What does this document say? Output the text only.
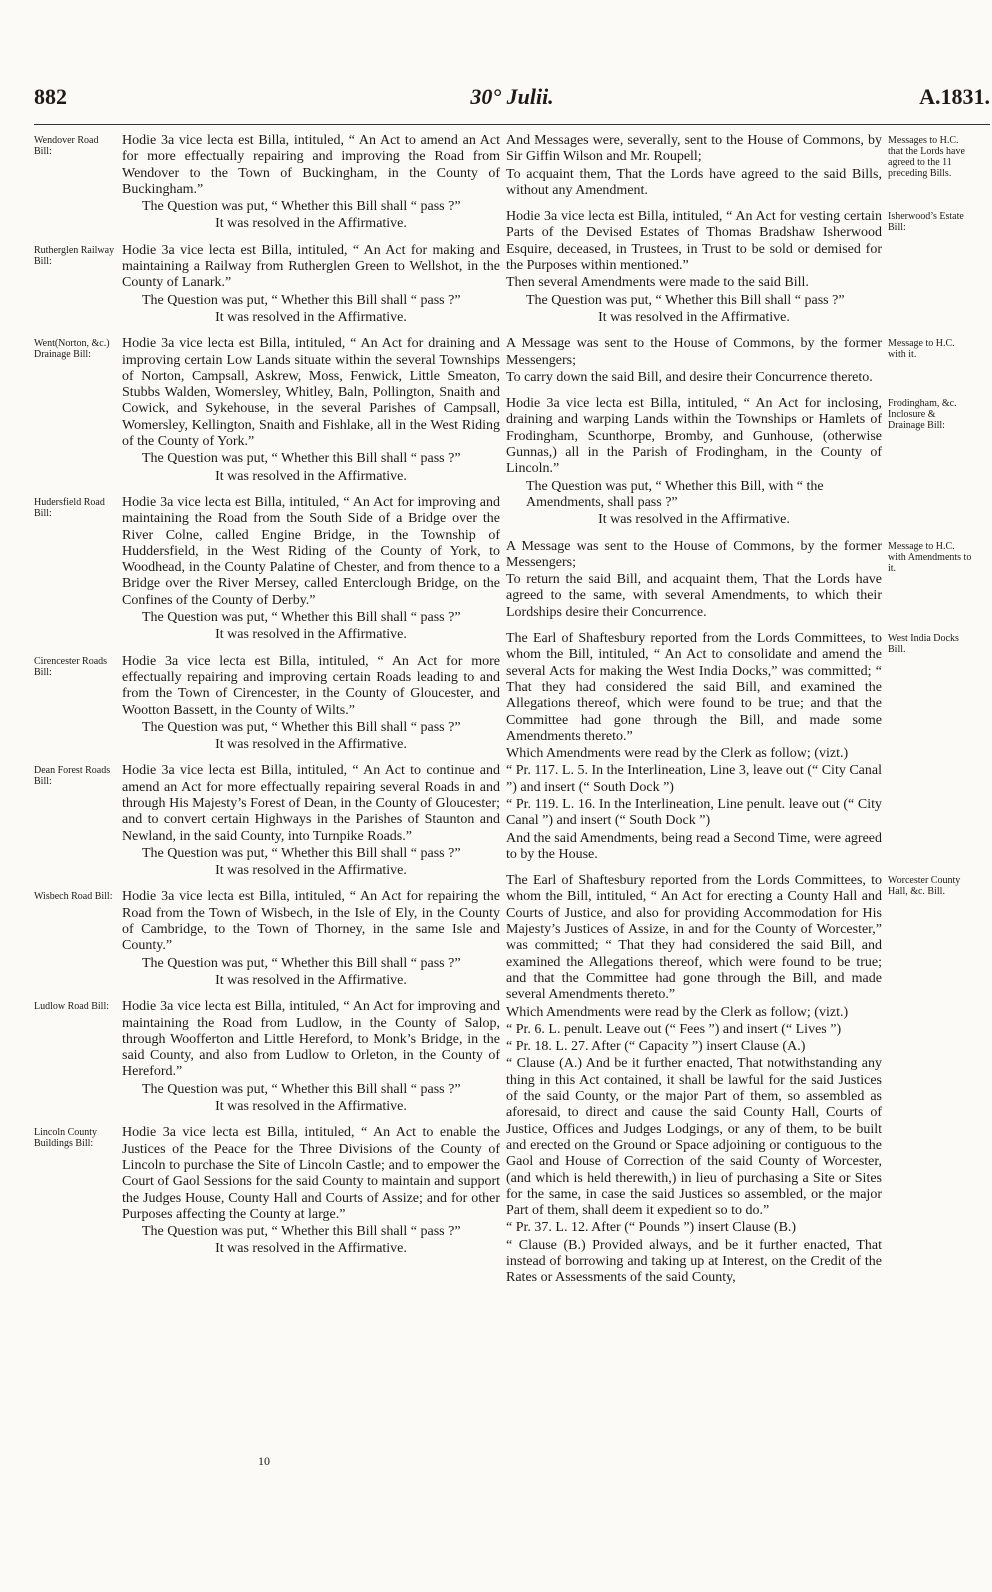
882	30° Julii.	A.1831.
Wendover Road Bill:
Hodie 3a vice lecta est Billa, intituled, “ An Act to amend an Act for more effectually repairing and improving the Road from Wendover to the Town of Buckingham, in the County of Buckingham.”
The Question was put, “ Whether this Bill shall “ pass ?”
It was resolved in the Affirmative.
Rutherglen Railway Bill:
Hodie 3a vice lecta est Billa, intituled, “ An Act for making and maintaining a Railway from Rutherglen Green to Wellshot, in the County of Lanark.”
The Question was put, “ Whether this Bill shall “ pass ?”
It was resolved in the Affirmative.
Went(Norton, &c.) Drainage Bill:
Hodie 3a vice lecta est Billa, intituled, “ An Act for draining and improving certain Low Lands situate within the several Townships of Norton, Campsall, Askrew, Moss, Fenwick, Little Smeaton, Stubbs Walden, Womersley, Whitley, Baln, Pollington, Snaith and Cowick, and Sykehouse, in the several Parishes of Campsall, Womersley, Kellington, Snaith and Fishlake, all in the West Riding of the County of York.”
The Question was put, “ Whether this Bill shall “ pass ?”
It was resolved in the Affirmative.
Hudersfield Road Bill:
Hodie 3a vice lecta est Billa, intituled, “ An Act for improving and maintaining the Road from the South Side of a Bridge over the River Colne, called Engine Bridge, in the Township of Huddersfield, in the West Riding of the County of York, to Woodhead, in the County Palatine of Chester, and from thence to a Bridge over the River Mersey, called Enterclough Bridge, on the Confines of the County of Derby.”
The Question was put, “ Whether this Bill shall “ pass ?”
It was resolved in the Affirmative.
Cirencester Roads Bill:
Hodie 3a vice lecta est Billa, intituled, “ An Act for more effectually repairing and improving certain Roads leading to and from the Town of Cirencester, in the County of Gloucester, and Wootton Bassett, in the County of Wilts.”
The Question was put, “ Whether this Bill shall “ pass ?”
It was resolved in the Affirmative.
Dean Forest Roads Bill:
Hodie 3a vice lecta est Billa, intituled, “ An Act to continue and amend an Act for more effectually repairing several Roads in and through His Majesty’s Forest of Dean, in the County of Gloucester; and to convert certain Highways in the Parishes of Staunton and Newland, in the said County, into Turnpike Roads.”
The Question was put, “ Whether this Bill shall “ pass ?”
It was resolved in the Affirmative.
Wisbech Road Bill: Hodie 3a vice lecta est Billa, intituled, “ An Act for repairing the Road from the Town of Wisbech, in the Isle of Ely, in the County of Cambridge, to the Town of Thorney, in the same Isle and County.”
The Question was put, “ Whether this Bill shall “ pass ?”
It was resolved in the Affirmative.
Ludlow Road Bill: Hodie 3a vice lecta est Billa, intituled, “ An Act for improving and maintaining the Road from Ludlow, in the County of Salop, through Woofferton and Little Hereford, to Monk’s Bridge, in the said County, and also from Ludlow to Orleton, in the County of Hereford.”
The Question was put, “ Whether this Bill shall “ pass ?”
It was resolved in the Affirmative.
Lincoln County Buildings Bill:
Hodie 3a vice lecta est Billa, intituled, “ An Act to enable the Justices of the Peace for the Three Divisions of the County of Lincoln to purchase the Site of Lincoln Castle; and to empower the Court of Gaol Sessions for the said County to maintain and support the Judges House, County Hall and Courts of Assize; and for other Purposes affecting the County at large.”
The Question was put, “ Whether this Bill shall “ pass ?”
It was resolved in the Affirmative.
Messages to H.C. that the Lords have agreed to the 11 preceding Bills.
And Messages were, severally, sent to the House of Commons, by Sir Giffin Wilson and Mr. Roupell;
To acquaint them, That the Lords have agreed to the said Bills, without any Amendment.
Isherwood’s Estate Bill:
Hodie 3a vice lecta est Billa, intituled, “ An Act for vesting certain Parts of the Devised Estates of Thomas Bradshaw Isherwood Esquire, deceased, in Trustees, in Trust to be sold or demised for the Purposes within mentioned.”
Then several Amendments were made to the said Bill.
The Question was put, “ Whether this Bill shall “ pass ?”
It was resolved in the Affirmative.
Message to H.C. with it.
A Message was sent to the House of Commons, by the former Messengers;
To carry down the said Bill, and desire their Concurrence thereto.
Frodingham, &c. Inclosure & Drainage Bill:
Hodie 3a vice lecta est Billa, intituled, “ An Act for inclosing, draining and warping Lands within the Townships or Hamlets of Frodingham, Scunthorpe, Bromby, and Gunhouse, (otherwise Gunnas,) all in the Parish of Frodingham, in the County of Lincoln.”
The Question was put, “ Whether this Bill, with “ the Amendments, shall pass ?”
It was resolved in the Affirmative.
Message to H.C. with Amendments to it.
A Message was sent to the House of Commons, by the former Messengers;
To return the said Bill, and acquaint them, That the Lords have agreed to the same, with several Amendments, to which their Lordships desire their Concurrence.
West India Docks Bill.
The Earl of Shaftesbury reported from the Lords Committees, to whom the Bill, intituled, “ An Act to consolidate and amend the several Acts for making the West India Docks,” was committed; “ That they had considered the said Bill, and examined the Allegations thereof, which were found to be true; and that the Committee had gone through the Bill, and made some Amendments thereto.”
Which Amendments were read by the Clerk as follow; (vizt.)
“ Pr. 117. L. 5. In the Interlineation, Line 3, leave out (“ City Canal ”) and insert (“ South Dock ”)
“ Pr. 119. L. 16. In the Interlineation, Line penult. leave out (“ City Canal ”) and insert (“ South Dock ”)
And the said Amendments, being read a Second Time, were agreed to by the House.
Worcester County Hall, &c. Bill.
The Earl of Shaftesbury reported from the Lords Committees, to whom the Bill, intituled, “ An Act for erecting a County Hall and Courts of Justice, and also for providing Accommodation for His Majesty’s Justices of Assize, in and for the County of Worcester,” was committed; “ That they had considered the said Bill, and examined the Allegations thereof, which were found to be true; and that the Committee had gone through the Bill, and made several Amendments thereto.”
Which Amendments were read by the Clerk as follow; (vizt.)
“ Pr. 6. L. penult. Leave out (“ Fees ”) and insert (“ Lives ”)
“ Pr. 18. L. 27. After (“ Capacity ”) insert Clause (A.)
“ Clause (A.) And be it further enacted, That notwithstanding any thing in this Act contained, it shall be lawful for the said Justices of the said County, or the major Part of them, so assembled as aforesaid, to direct and cause the said County Hall, Courts of Justice, Offices and Judges Lodgings, or any of them, to be built and erected on the Ground or Space adjoining or contiguous to the Gaol and House of Correction of the said County of Worcester, (and which is held therewith,) in lieu of purchasing a Site or Sites for the same, in case the said Justices so assembled, or the major Part of them, shall deem it expedient so to do.”
“ Pr. 37. L. 12. After (“ Pounds ”) insert Clause (B.)
“ Clause (B.) Provided always, and be it further enacted, That instead of borrowing and taking up at Interest, on the Credit of the Rates or Assessments of the said County,
10
